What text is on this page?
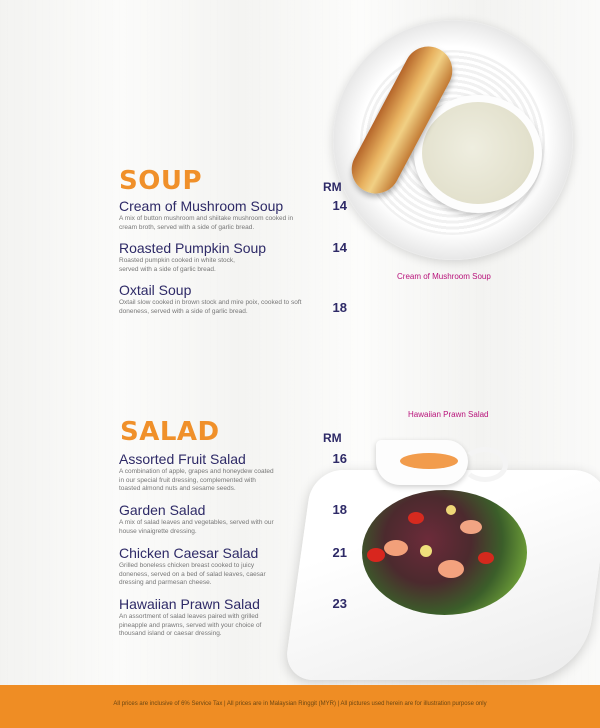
Cream of Mushroom Soup
SOUP	RM
Cream of Mushroom Soup
A mix of button mushroom and shiitake mushroom cooked in cream broth, served with a side of garlic bread.
14
Roasted Pumpkin Soup
Roasted pumpkin cooked in white stock, served with a side of garlic bread.
14
Oxtail Soup
Oxtail slow cooked in brown stock and mire poix, cooked to soft doneness, served with a side of garlic bread.	18
Hawaiian Prawn Salad
SALAD	RM
Assorted Fruit Salad
A combination of apple, grapes and honeydew coated in our special fruit dressing, complemented with toasted almond nuts and sesame seeds.
16
Garden Salad
A mix of salad leaves and vegetables, served with our house vinaigrette dressing.
18
Chicken Caesar Salad
Grilled boneless chicken breast cooked to juicy doneness, served on a bed of salad leaves, caesar dressing and parmesan cheese.
21
Hawaiian Prawn Salad
An assortment of salad leaves paired with grilled pineapple and prawns, served with your choice of thousand island or caesar dressing.
23
All prices are inclusive of 6% Service Tax | All prices are in Malaysian Ringgit (MYR) | All pictures used herein are for illustration purpose only
